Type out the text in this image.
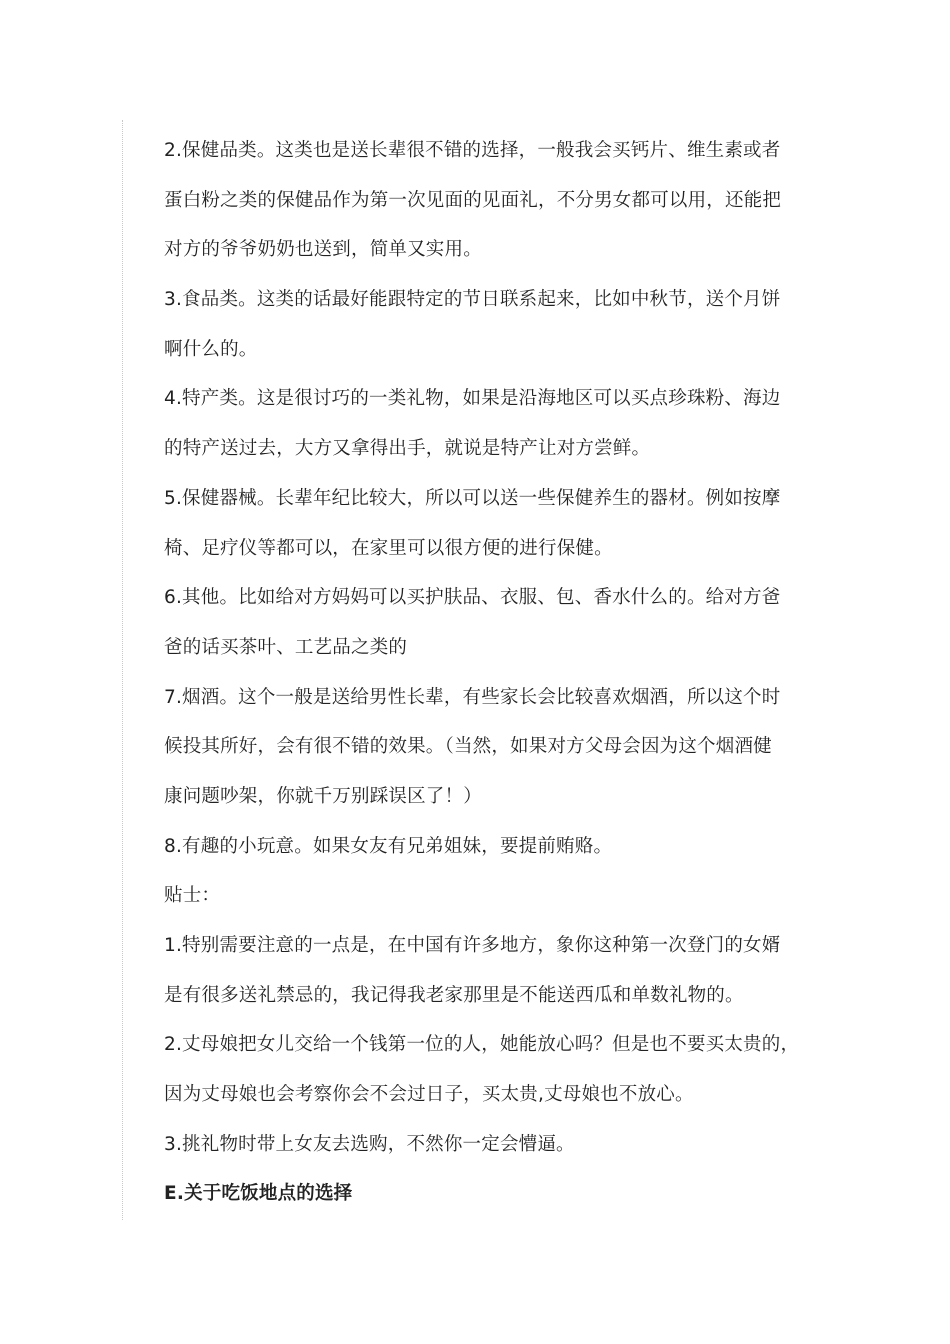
2.保健品类。这类也是送长辈很不错的选择，一般我会买钙片、维生素或者
蛋白粉之类的保健品作为第一次见面的见面礼，不分男女都可以用，还能把
对方的爷爷奶奶也送到，简单又实用。
3.食品类。这类的话最好能跟特定的节日联系起来，比如中秋节，送个月饼
啊什么的。
4.特产类。这是很讨巧的一类礼物，如果是沿海地区可以买点珍珠粉、海边
的特产送过去，大方又拿得出手，就说是特产让对方尝鲜。
5.保健器械。长辈年纪比较大，所以可以送一些保健养生的器材。例如按摩
椅、足疗仪等都可以，在家里可以很方便的进行保健。
6.其他。比如给对方妈妈可以买护肤品、衣服、包、香水什么的。给对方爸
爸的话买茶叶、工艺品之类的
7.烟酒。这个一般是送给男性长辈，有些家长会比较喜欢烟酒，所以这个时
候投其所好，会有很不错的效果。（当然，如果对方父母会因为这个烟酒健
康问题吵架，你就千万别踩误区了！）
8.有趣的小玩意。如果女友有兄弟姐妹，要提前贿赂。
贴士：
1.特别需要注意的一点是，在中国有许多地方，象你这种第一次登门的女婿
是有很多送礼禁忌的，我记得我老家那里是不能送西瓜和单数礼物的。
2.丈母娘把女儿交给一个钱第一位的人，她能放心吗？但是也不要买太贵的，
因为丈母娘也会考察你会不会过日子，买太贵,丈母娘也不放心。
3.挑礼物时带上女友去选购，不然你一定会懵逼。
E.关于吃饭地点的选择
